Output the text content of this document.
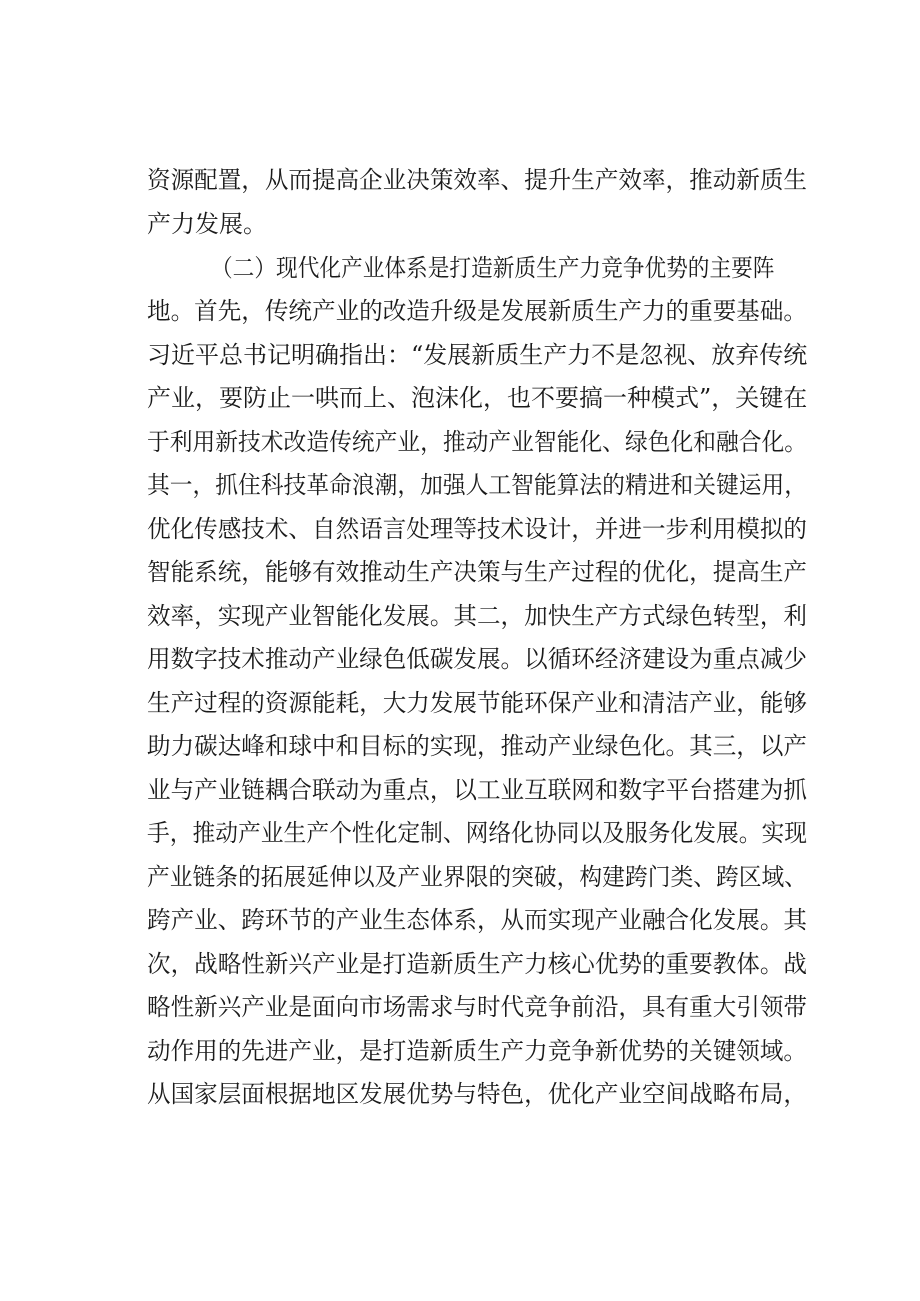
资源配置，从而提高企业决策效率、提升生产效率，推动新质生
产力发展。
（二）现代化产业体系是打造新质生产力竞争优势的主要阵
地。首先，传统产业的改造升级是发展新质生产力的重要基础。
习近平总书记明确指出：“发展新质生产力不是忽视、放弃传统
产业，要防止一哄而上、泡沫化，也不要搞一种模式”，关键在
于利用新技术改造传统产业，推动产业智能化、绿色化和融合化。
其一，抓住科技革命浪潮，加强人工智能算法的精进和关键运用，
优化传感技术、自然语言处理等技术设计，并进一步利用模拟的
智能系统，能够有效推动生产决策与生产过程的优化，提高生产
效率，实现产业智能化发展。其二，加快生产方式绿色转型，利
用数字技术推动产业绿色低碳发展。以循环经济建设为重点减少
生产过程的资源能耗，大力发展节能环保产业和清洁产业，能够
助力碳达峰和球中和目标的实现，推动产业绿色化。其三，以产
业与产业链耦合联动为重点，以工业互联网和数字平台搭建为抓
手，推动产业生产个性化定制、网络化协同以及服务化发展。实现
产业链条的拓展延伸以及产业界限的突破，构建跨门类、跨区域、
跨产业、跨环节的产业生态体系，从而实现产业融合化发展。其
次，战略性新兴产业是打造新质生产力核心优势的重要教体。战
略性新兴产业是面向市场需求与时代竞争前沿，具有重大引领带
动作用的先进产业，是打造新质生产力竞争新优势的关键领域。
从国家层面根据地区发展优势与特色，优化产业空间战略布局，
